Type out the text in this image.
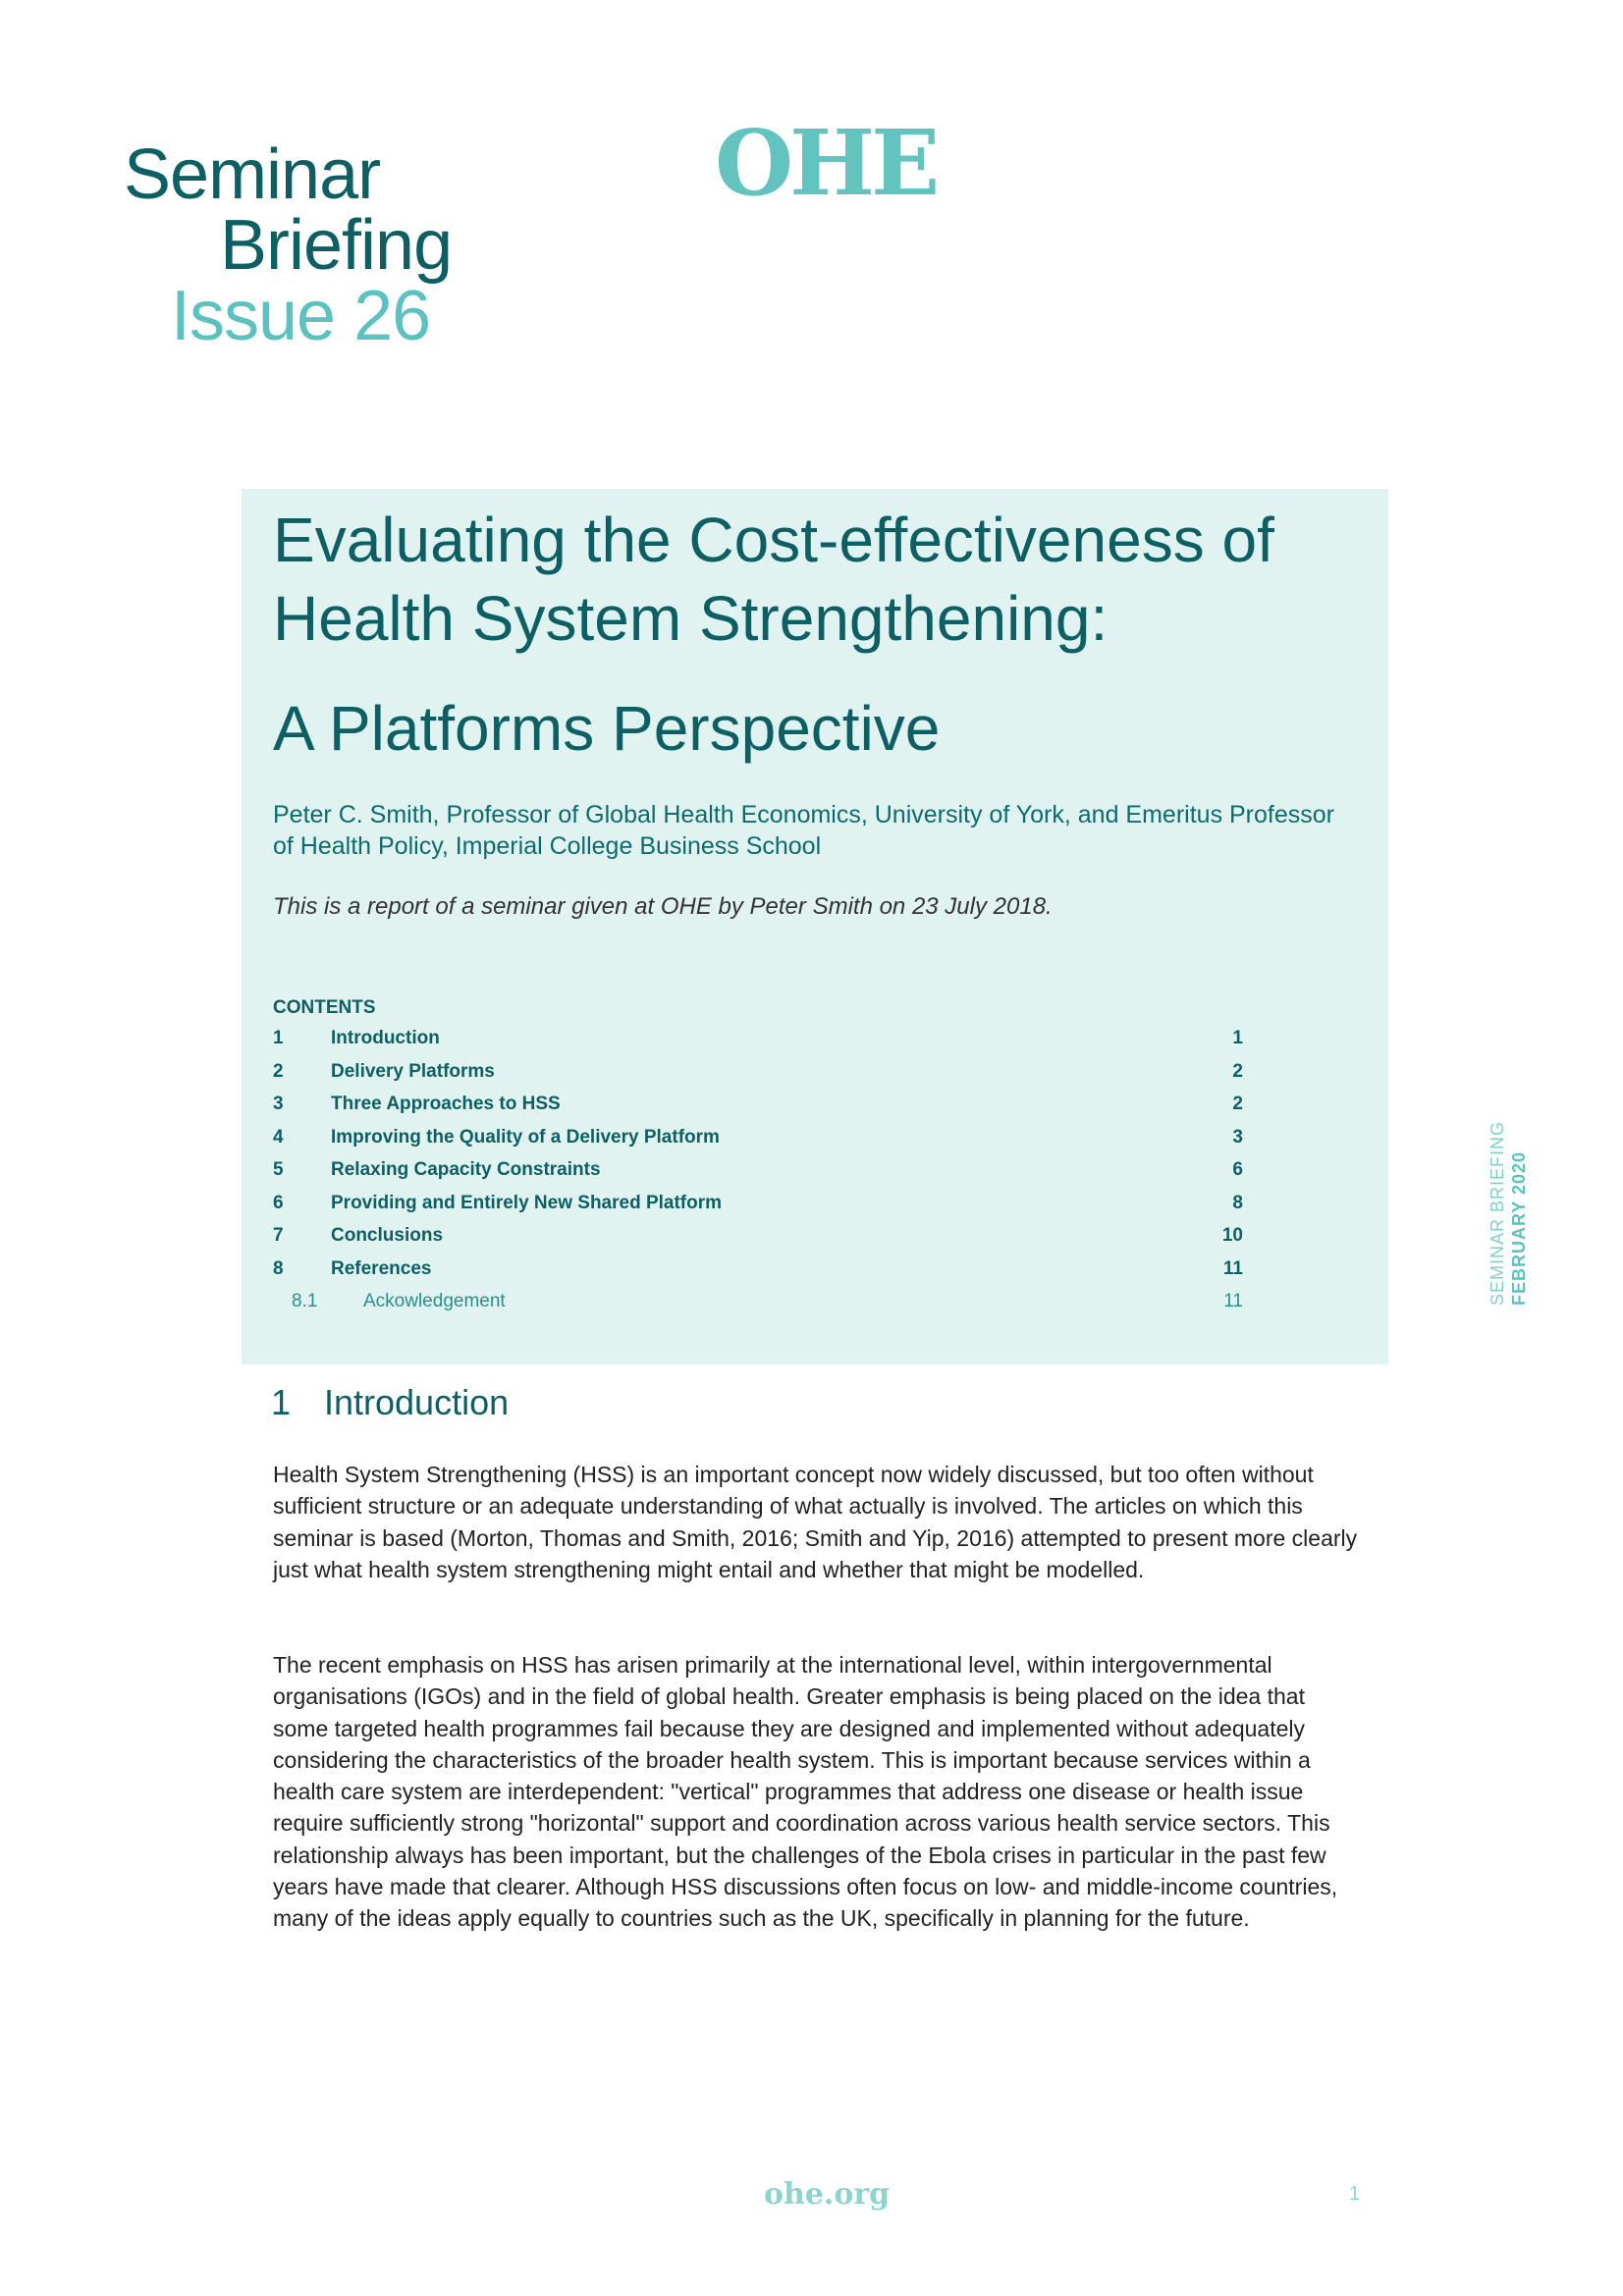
Seminar
Briefing
Issue 26
OHE
Evaluating the Cost-effectiveness of Health System Strengthening:
A Platforms Perspective
Peter C. Smith, Professor of Global Health Economics, University of York, and Emeritus Professor of Health Policy, Imperial College Business School
This is a report of a seminar given at OHE by Peter Smith on 23 July 2018.
CONTENTS
1	Introduction	1
2	Delivery Platforms	2
3	Three Approaches to HSS	2
4	Improving the Quality of a Delivery Platform	3
5	Relaxing Capacity Constraints	6
6	Providing and Entirely New Shared Platform	8
7	Conclusions	10
8	References	11
8.1 Ackowledgement	11	SEMINAR BRIEFING FEBRUARY 2020
1 Introduction

Health System Strengthening (HSS) is an important concept now widely discussed, but too often without sufficient structure or an adequate understanding of what actually is involved. The articles on which this seminar is based (Morton, Thomas and Smith, 2016; Smith and Yip, 2016) attempted to present more clearly just what health system strengthening might entail and whether that might be modelled.

The recent emphasis on HSS has arisen primarily at the international level, within intergovernmental organisations (IGOs) and in the field of global health. Greater emphasis is being placed on the idea that some targeted health programmes fail because they are designed and implemented without adequately considering the characteristics of the broader health system. This is important because services within a health care system are interdependent: "vertical" programmes that address one disease or health issue require sufficiently strong "horizontal" support and coordination across various health service sectors. This relationship always has been important, but the challenges of the Ebola crises in particular in the past few years have made that clearer. Although HSS discussions often focus on low- and middle-income countries, many of the ideas apply equally to countries such as the UK, specifically in planning for the future.

ohe.org	1
